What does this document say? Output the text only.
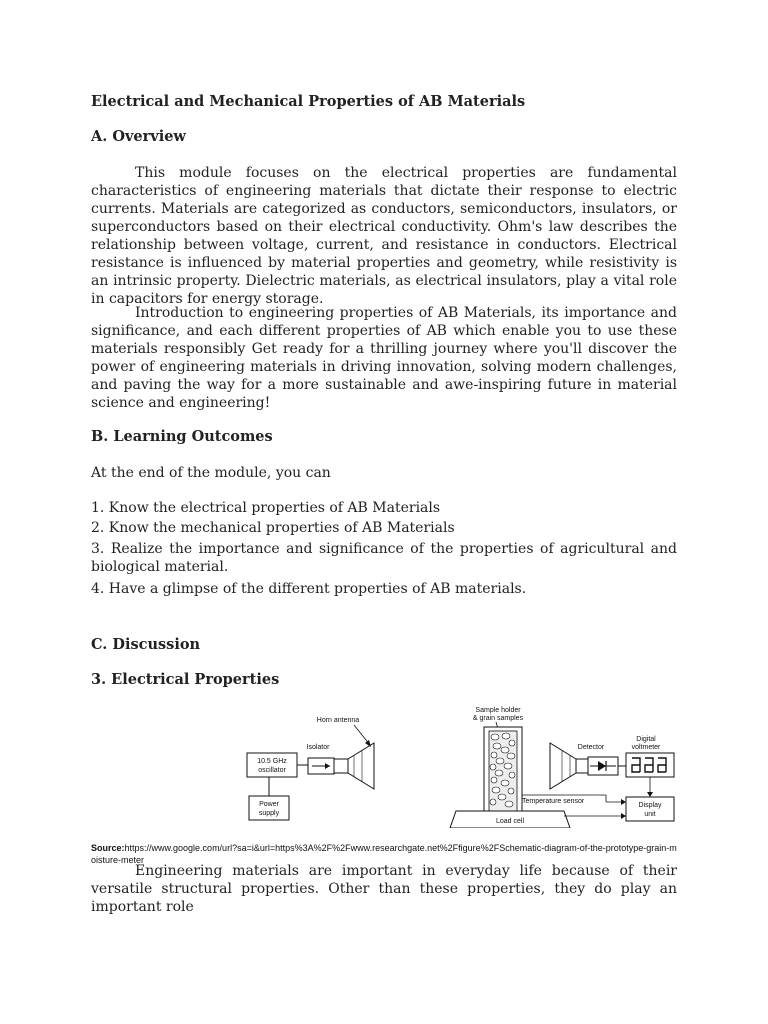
Electrical and Mechanical Properties of AB Materials
A. Overview

This module focuses on the electrical properties are fundamental characteristics of engineering materials that dictate their response to electric currents. Materials are categorized as conductors, semiconductors, insulators, or superconductors based on their electrical conductivity. Ohm's law describes the relationship between voltage, current, and resistance in conductors. Electrical resistance is influenced by material properties and geometry, while resistivity is an intrinsic property. Dielectric materials, as electrical insulators, play a vital role in capacitors for energy storage.

Introduction to engineering properties of AB Materials, its importance and significance, and each different properties of AB which enable you to use these materials responsibly Get ready for a thrilling journey where you'll discover the power of engineering materials in driving innovation, solving modern challenges, and paving the way for a more sustainable and awe-inspiring future in material science and engineering!

B. Learning Outcomes
At the end of the module, you can
1. Know the electrical properties of AB Materials
2. Know the mechanical properties of AB Materials

3. Realize the importance and significance of the properties of agricultural and biological material.

4. Have a glimpse of the different properties of AB materials.
C. Discussion
3. Electrical Properties
10.5 GHz
oscillator
Power
supply
Isolator
Horn antenna
Sample holder
& grain samples
Detector
Digital
voltmeter
Load cell
Temperature sensor
Display
unit
Source:https://www.google.com/url?sa=i&url=https%3A%2F%2Fwww.researchgate.net%2Ffigure%2FSchematic-diagram-of-the-prototype-grain-moisture-meter

Engineering materials are important in everyday life because of their versatile structural properties. Other than these properties, they do play an important role
